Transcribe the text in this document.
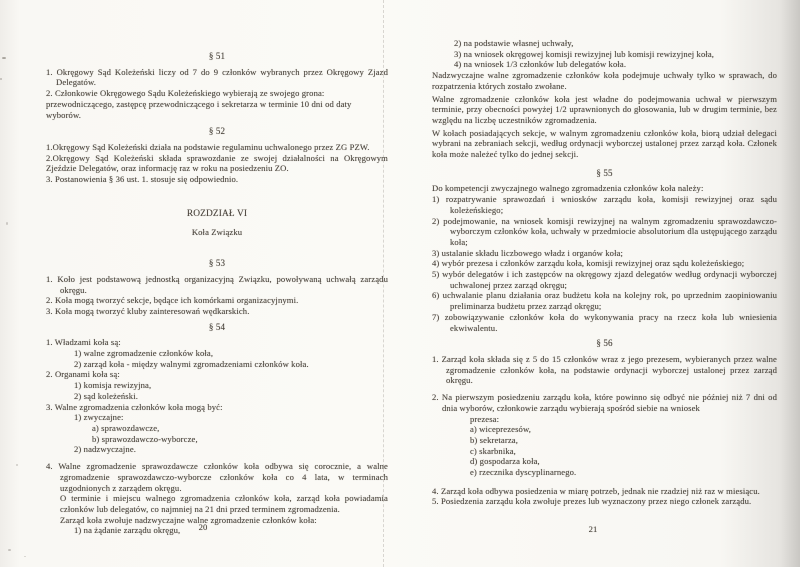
§ 51

1. Okręgowy Sąd Koleżeński liczy od 7 do 9 członków wybranych przez Okręgowy Zjazd Delegatów.

2. Członkowie Okręgowego Sądu Koleżeńskiego wybierają ze swojego grona: przewodniczącego, zastępcę przewodniczącego i sekretarza w terminie 10 dni od daty wyborów.

§ 52

1.Okręgowy Sąd Koleżeński działa na podstawie regulaminu uchwalonego przez ZG PZW.

2.Okręgowy Sąd Koleżeński składa sprawozdanie ze swojej działalności na Okręgowym Zjeździe Delegatów, oraz informację raz w roku na posiedzeniu ZO.

3. Postanowienia § 36 ust. 1. stosuje się odpowiednio.

ROZDZIAŁ VI

Koła Związku

§ 53

1. Koło jest podstawową jednostką organizacyjną Związku, powoływaną uchwałą zarządu okręgu.

2. Koła mogą tworzyć sekcje, będące ich komórkami organizacyjnymi.

3. Koła mogą tworzyć kluby zainteresowań wędkarskich.

§ 54

1. Władzami koła są:

1) walne zgromadzenie członków koła,

2) zarząd koła - między walnymi zgromadzeniami członków koła.

2. Organami koła są:

1) komisja rewizyjna,

2) sąd koleżeński.

3. Walne zgromadzenia członków koła mogą być:

1) zwyczajne:

a) sprawozdawcze,

b) sprawozdawczo-wyborcze,

2) nadzwyczajne.

4. Walne zgromadzenie sprawozdawcze członków koła odbywa się corocznie, a walne zgromadzenie sprawozdawczo-wyborcze członków koła co 4 lata, w terminach uzgodnionych z zarządem okręgu.

O terminie i miejscu walnego zgromadzenia członków koła, zarząd koła powiadamia członków lub delegatów, co najmniej na 21 dni przed terminem zgromadzenia.

Zarząd koła zwołuje nadzwyczajne walne zgromadzenie członków koła:

1) na żądanie zarządu okręgu,

2) na podstawie własnej uchwały,

3) na wniosek okręgowej komisji rewizyjnej lub komisji rewizyjnej koła,

4) na wniosek 1/3 członków lub delegatów koła.

Nadzwyczajne walne zgromadzenie członków koła podejmuje uchwały tylko w sprawach, do rozpatrzenia których zostało zwołane.

Walne zgromadzenie członków koła jest władne do podejmowania uchwał w pierwszym terminie, przy obecności powyżej 1/2 uprawnionych do głosowania, lub w drugim terminie, bez względu na liczbę uczestników zgromadzenia.

W kołach posiadających sekcje, w walnym zgromadzeniu członków koła, biorą udział delegaci wybrani na zebraniach sekcji, według ordynacji wyborczej ustalonej przez zarząd koła. Członek koła może należeć tylko do jednej sekcji.

§ 55

Do kompetencji zwyczajnego walnego zgromadzenia członków koła należy:

1) rozpatrywanie sprawozdań i wniosków zarządu koła, komisji rewizyjnej oraz sądu koleżeńskiego;

2) podejmowanie, na wniosek komisji rewizyjnej na walnym zgromadzeniu sprawozdawczo-wyborczym członków koła, uchwały w przedmiocie absolutorium dla ustępującego zarządu koła;

3) ustalanie składu liczbowego władz i organów koła;

4) wybór prezesa i członków zarządu koła, komisji rewizyjnej oraz sądu koleżeńskiego;

5) wybór delegatów i ich zastępców na okręgowy zjazd delegatów według ordynacji wyborczej uchwalonej przez zarząd okręgu;

6) uchwalanie planu działania oraz budżetu koła na kolejny rok, po uprzednim zaopiniowaniu preliminarza budżetu przez zarząd okręgu;

7) zobowiązywanie członków koła do wykonywania pracy na rzecz koła lub wniesienia ekwiwalentu.

§ 56

1. Zarząd koła składa się z 5 do 15 członków wraz z jego prezesem, wybieranych przez walne zgromadzenie członków koła, na podstawie ordynacji wyborczej ustalonej przez zarząd okręgu.

2. Na pierwszym posiedzeniu zarządu koła, które powinno się odbyć nie później niż 7 dni od dnia wyborów, członkowie zarządu wybierają spośród siebie na wniosek

prezesa:

a) wiceprezesów,

b) sekretarza,

c) skarbnika,

d) gospodarza koła,

e) rzecznika dyscyplinarnego.

4. Zarząd koła odbywa posiedzenia w miarę potrzeb, jednak nie rzadziej niż raz w miesiącu.

5. Posiedzenia zarządu koła zwołuje prezes lub wyznaczony przez niego członek zarządu.

20	21
